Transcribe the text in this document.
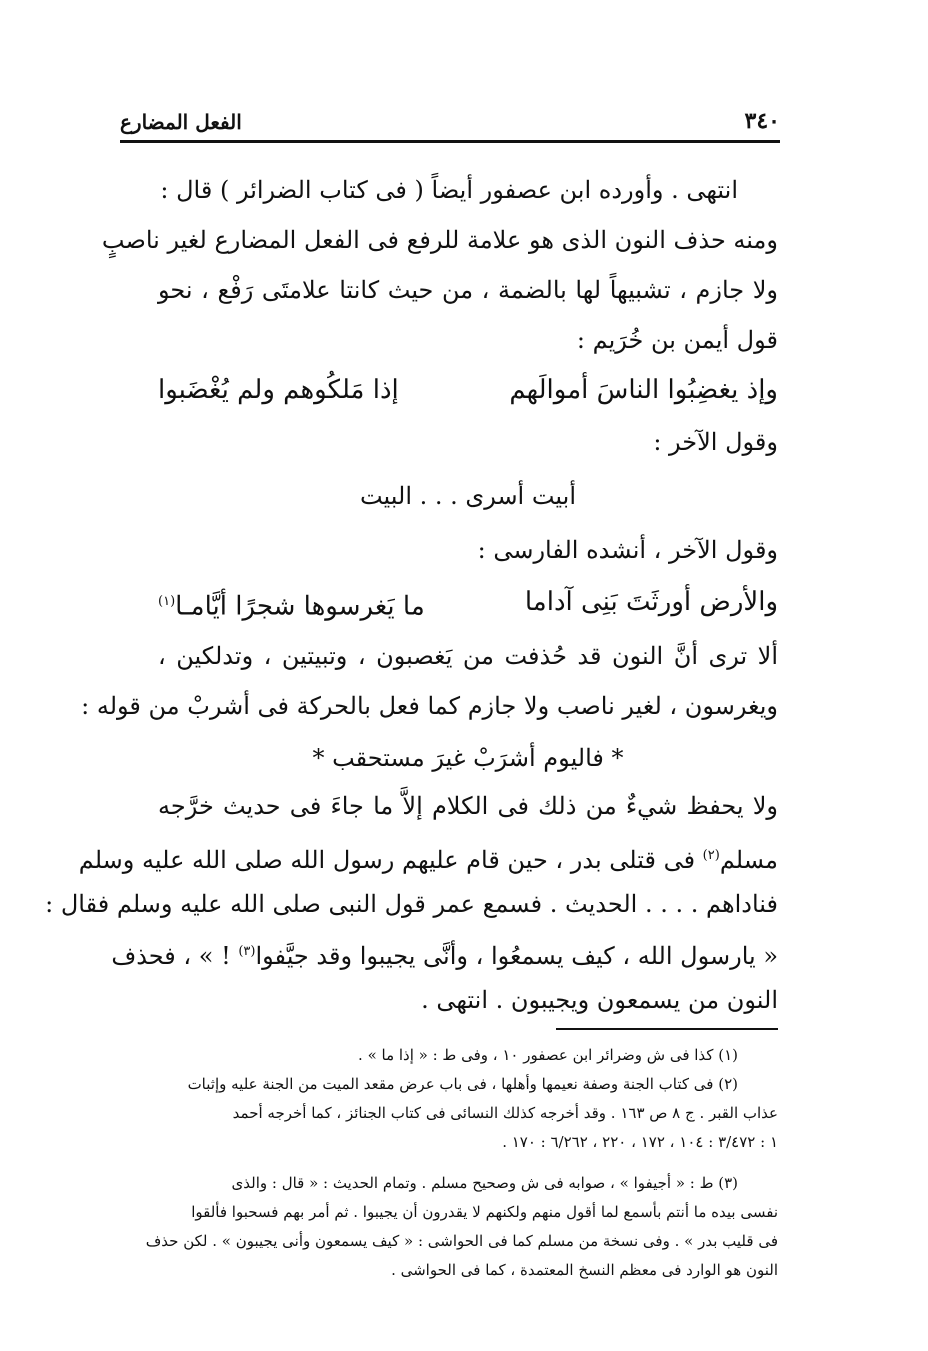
٣٤٠
الفعل المضارع
انتهى . وأورده ابن عصفور أيضاً ( فى كتاب الضرائر ) قال :
ومنه حذف النون الذى هو علامة للرفع فى الفعل المضارع لغير ناصبٍ
ولا جازم ، تشبيهاً لها بالضمة ، من حيث كانتا علامتَى رَفْع ، نحو
قول أيمن بن خُرَيم :
وإذ يغضِبُوا الناسَ أموالَهم
إذا مَلكُوهم ولم يُغْضَبوا
وقول الآخر :
أبيت أسرى . . . البيت
وقول الآخر ، أنشده الفارسى :
والأرض أورثَتَ بَنِى آداما
ما يَغرسوها شجرًا أيَّامـا$^{(١)}$
ألا ترى أنَّ النون قد حُذفت من يَغصبون ، وتبيتين ، وتدلكين ،
ويغرسون ، لغير ناصب ولا جازم كما فعل بالحركة فى أشربْ من قوله :
* فاليوم أشرَبْ غيرَ مستحقب *
ولا يحفظ شيءٌ من ذلك فى الكلام إلاَّ ما جاءَ فى حديث خرَّجه
مسلم$^{(٢)}$ فى قتلى بدر ، حين قام عليهم رسول الله صلى الله عليه وسلم
فناداهم . . . . الحديث . فسمع عمر قول النبى صلى الله عليه وسلم فقال :
« يارسول الله ، كيف يسمعُوا ، وأنَّى يجيبوا وقد جيَّفوا$^{(٣)}$ ! » ، فحذف
النون من يسمعون ويجيبون . انتهى .
(١) كذا فى ش وضرائر ابن عصفور ١٠ ، وفى ط : « إذا ما » .
(٢) فى كتاب الجنة وصفة نعيمها وأهلها ، فى باب عرض مقعد الميت من الجنة عليه وإثبات
عذاب القبر . ج ٨ ص ١٦٣ . وقد أخرجه كذلك النسائى فى كتاب الجنائز ، كما أخرجه أحمد
١ : ٣/٤٧٢ : ١٠٤ ، ١٧٢ ، ٢٢٠ ، ٦/٢٦٢ : ١٧٠ .
(٣) ط : « أجيفوا » ، صوابه فى ش وصحيح مسلم . وتمام الحديث : « قال : والذى
نفسى بيده ما أنتم بأسمع لما أقول منهم ولكنهم لا يقدرون أن يجيبوا . ثم أمر بهم فسحبوا فألقوا
فى قليب بدر » . وفى نسخة من مسلم كما فى الحواشى : « كيف يسمعون وأنى يجيبون » . لكن حذف
النون هو الوارد فى معظم النسخ المعتمدة ، كما فى الحواشى .
